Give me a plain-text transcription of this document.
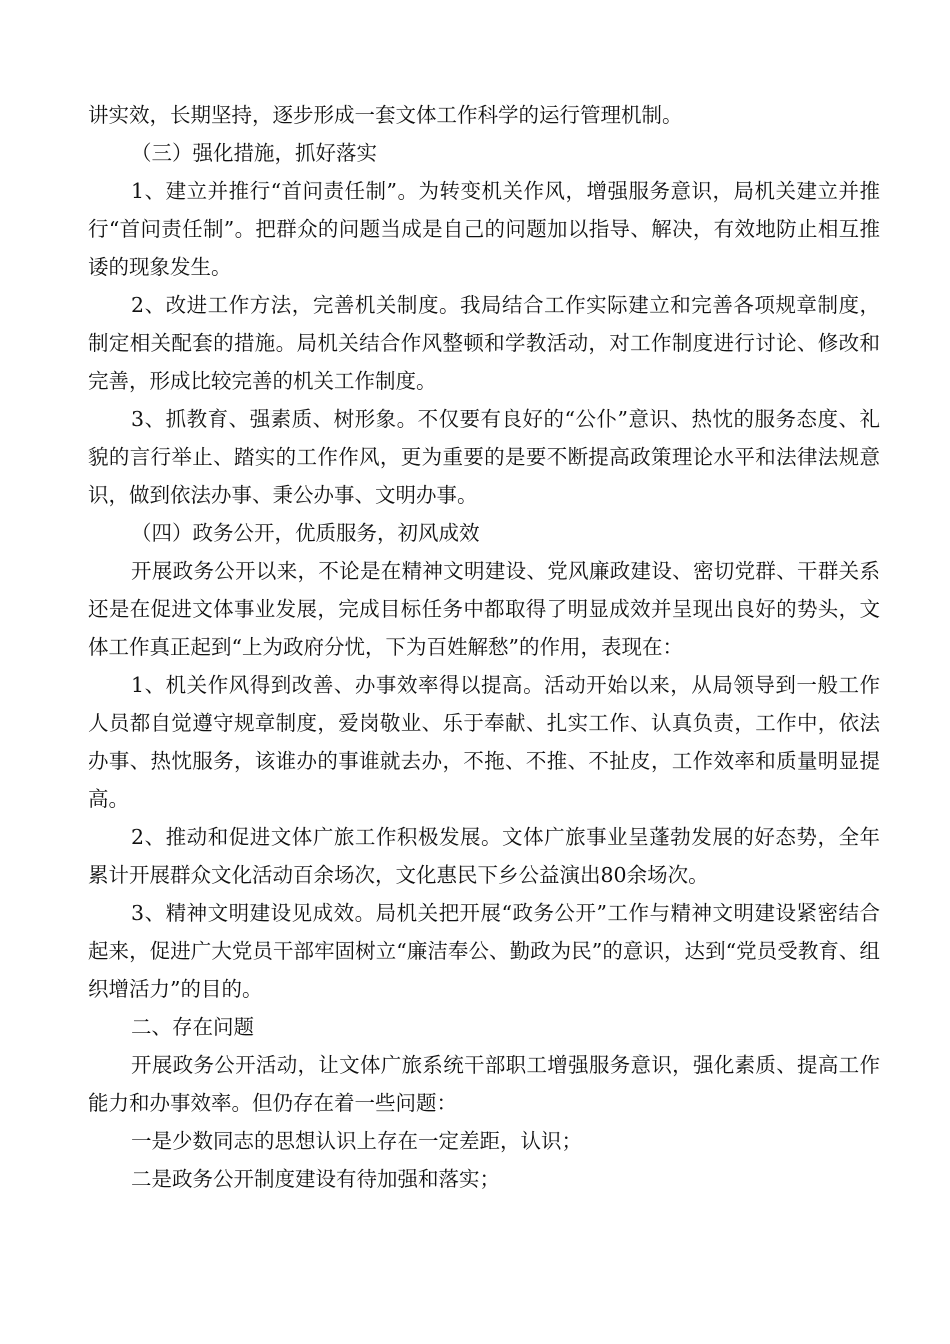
讲实效，长期坚持，逐步形成一套文体工作科学的运行管理机制。

（三）强化措施，抓好落实

1、建立并推行“首问责任制”。为转变机关作风，增强服务意识，局机关建立并推行“首问责任制”。把群众的问题当成是自己的问题加以指导、解决，有效地防止相互推诿的现象发生。

2、改进工作方法，完善机关制度。我局结合工作实际建立和完善各项规章制度，制定相关配套的措施。局机关结合作风整顿和学教活动，对工作制度进行讨论、修改和完善，形成比较完善的机关工作制度。

3、抓教育、强素质、树形象。不仅要有良好的“公仆”意识、热忱的服务态度、礼貌的言行举止、踏实的工作作风，更为重要的是要不断提高政策理论水平和法律法规意识，做到依法办事、秉公办事、文明办事。

（四）政务公开，优质服务，初风成效

开展政务公开以来，不论是在精神文明建设、党风廉政建设、密切党群、干群关系还是在促进文体事业发展，完成目标任务中都取得了明显成效并呈现出良好的势头，文体工作真正起到“上为政府分忧，下为百姓解愁”的作用，表现在：

1、机关作风得到改善、办事效率得以提高。活动开始以来，从局领导到一般工作人员都自觉遵守规章制度，爱岗敬业、乐于奉献、扎实工作、认真负责，工作中，依法办事、热忱服务，该谁办的事谁就去办，不拖、不推、不扯皮，工作效率和质量明显提高。

2、推动和促进文体广旅工作积极发展。文体广旅事业呈蓬勃发展的好态势，全年累计开展群众文化活动百余场次，文化惠民下乡公益演出80余场次。

3、精神文明建设见成效。局机关把开展“政务公开”工作与精神文明建设紧密结合起来，促进广大党员干部牢固树立“廉洁奉公、勤政为民”的意识，达到“党员受教育、组织增活力”的目的。

二、存在问题

开展政务公开活动，让文体广旅系统干部职工增强服务意识，强化素质、提高工作能力和办事效率。但仍存在着一些问题：

一是少数同志的思想认识上存在一定差距，认识；

二是政务公开制度建设有待加强和落实；
